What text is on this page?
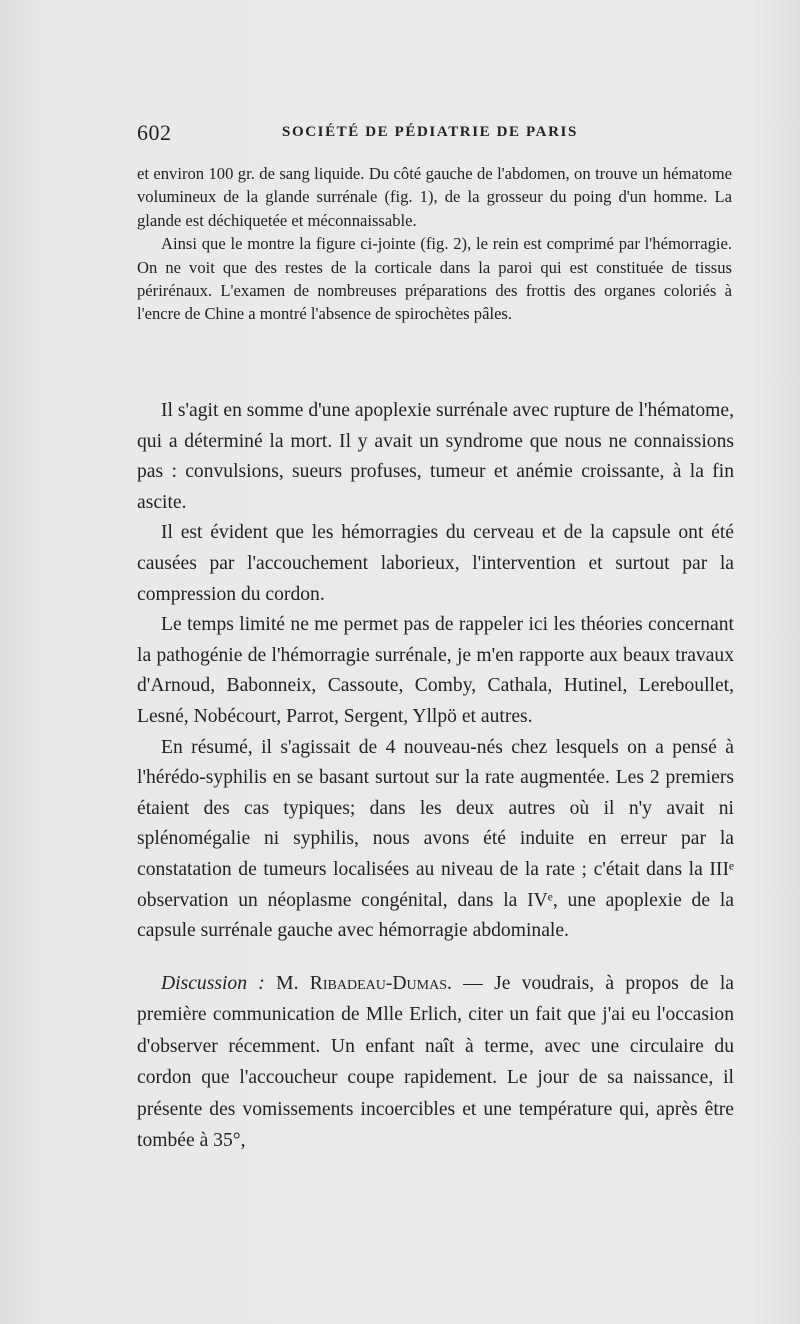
602	SOCIÉTÉ DE PÉDIATRIE DE PARIS

et environ 100 gr. de sang liquide. Du côté gauche de l'abdomen, on trouve un hématome volumineux de la glande surrénale (fig. 1), de la grosseur du poing d'un homme. La glande est déchiquetée et méconnaissable.

Ainsi que le montre la figure ci-jointe (fig. 2), le rein est comprimé par l'hémorragie. On ne voit que des restes de la corticale dans la paroi qui est constituée de tissus périrénaux. L'examen de nombreuses préparations des frottis des organes coloriés à l'encre de Chine a montré l'absence de spirochètes pâles.

Il s'agit en somme d'une apoplexie surrénale avec rupture de l'hématome, qui a déterminé la mort. Il y avait un syndrome que nous ne connaissions pas : convulsions, sueurs profuses, tumeur et anémie croissante, à la fin ascite.

Il est évident que les hémorragies du cerveau et de la capsule ont été causées par l'accouchement laborieux, l'intervention et surtout par la compression du cordon.

Le temps limité ne me permet pas de rappeler ici les théories concernant la pathogénie de l'hémorragie surrénale, je m'en rapporte aux beaux travaux d'Arnoud, Babonneix, Cassoute, Comby, Cathala, Hutinel, Lereboullet, Lesné, Nobécourt, Parrot, Sergent, Yllpö et autres.

En résumé, il s'agissait de 4 nouveau-nés chez lesquels on a pensé à l'hérédo-syphilis en se basant surtout sur la rate augmentée. Les 2 premiers étaient des cas typiques; dans les deux autres où il n'y avait ni splénomégalie ni syphilis, nous avons été induite en erreur par la constatation de tumeurs localisées au niveau de la rate ; c'était dans la IIIᵉ observation un néoplasme congénital, dans la IVᵉ, une apoplexie de la capsule surrénale gauche avec hémorragie abdominale.

Discussion : M. Ribadeau-Dumas. — Je voudrais, à propos de la première communication de Mlle Erlich, citer un fait que j'ai eu l'occasion d'observer récemment. Un enfant naît à terme, avec une circulaire du cordon que l'accoucheur coupe rapidement. Le jour de sa naissance, il présente des vomissements incoercibles et une température qui, après être tombée à 35°,
